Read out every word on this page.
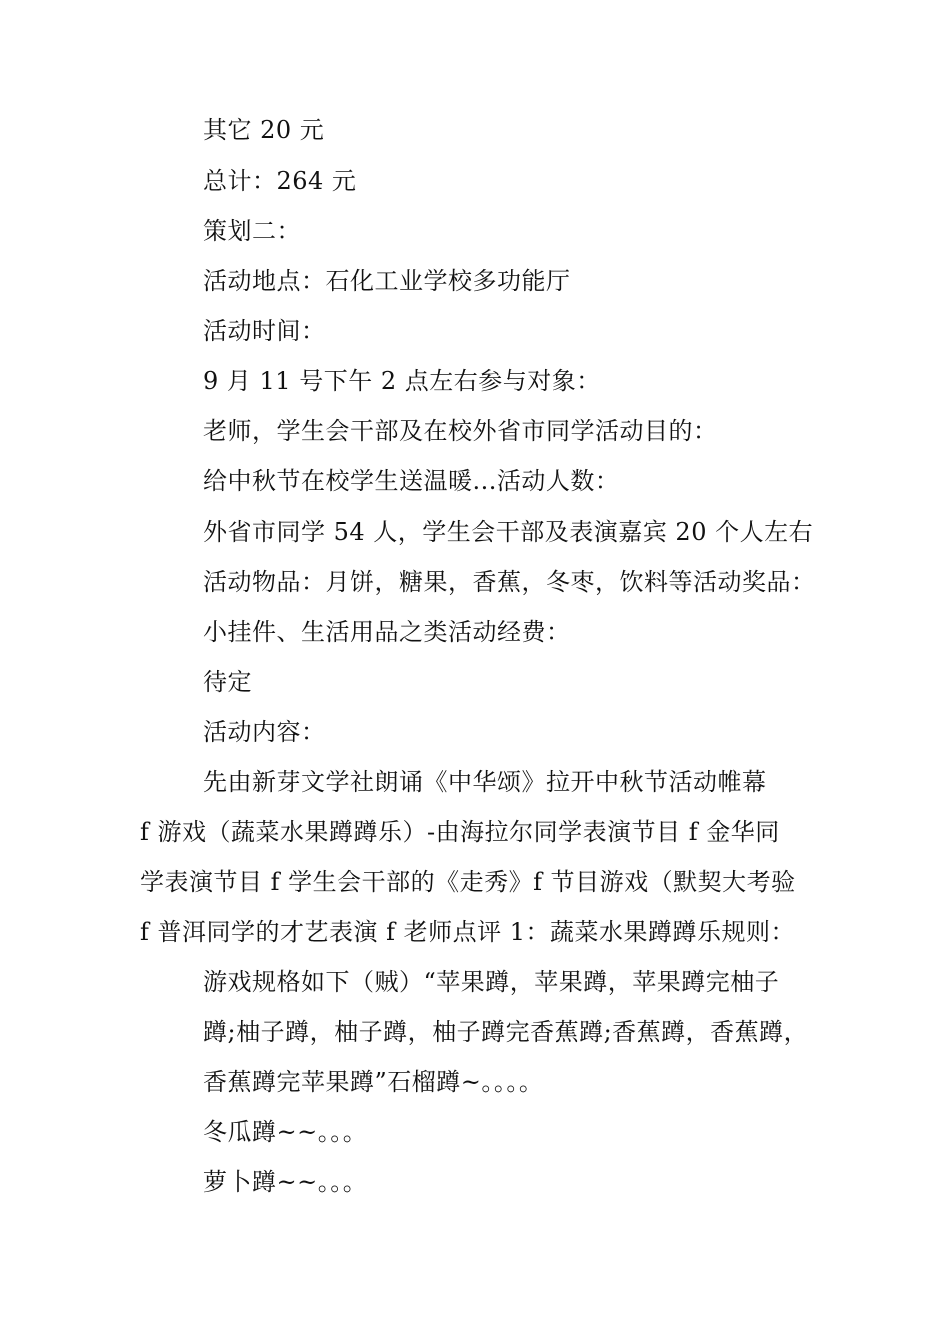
其它 20 元
总计：264 元
策划二：
活动地点：石化工业学校多功能厅
活动时间：
9 月 11 号下午 2 点左右参与对象：
老师，学生会干部及在校外省市同学活动目的：
给中秋节在校学生送温暖...活动人数：
外省市同学 54 人，学生会干部及表演嘉宾 20 个人左右
活动物品：月饼，糖果，香蕉，冬枣，饮料等活动奖品：
小挂件、生活用品之类活动经费：
待定
活动内容：
先由新芽文学社朗诵《中华颂》拉开中秋节活动帷幕
f 游戏（蔬菜水果蹲蹲乐）-由海拉尔同学表演节目 f 金华同
学表演节目 f 学生会干部的《走秀》f 节目游戏（默契大考验
f 普洱同学的才艺表演 f 老师点评 1：蔬菜水果蹲蹲乐规则：
游戏规格如下（贼）“苹果蹲，苹果蹲，苹果蹲完柚子
蹲;柚子蹲，柚子蹲，柚子蹲完香蕉蹲;香蕉蹲，香蕉蹲，
香蕉蹲完苹果蹲”石榴蹲~。。。。
冬瓜蹲~~。。。
萝卜蹲~~。。。
